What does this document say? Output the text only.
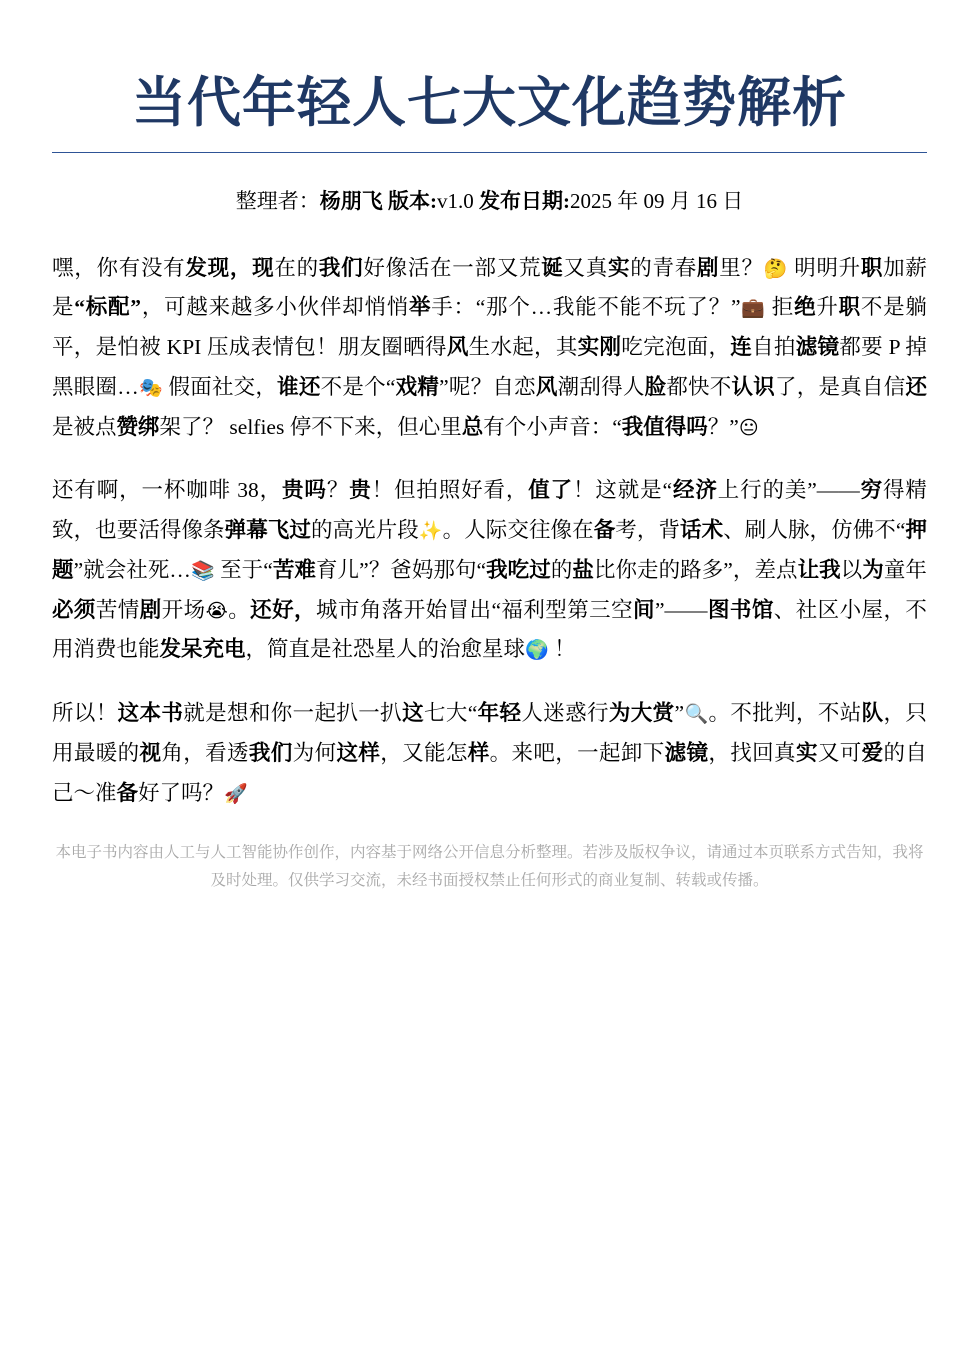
当代年轻人七大文化趋势解析
整理者：杨朋飞 版本:v1.0 发布日期:2025 年 09 月 16 日

嘿，你有没有发现，现在的我们好像活在一部又荒诞又真实的青春剧里？🤔 明明升职加薪是“标配”，可越来越多小伙伴却悄悄举手：“那个…我能不能不玩了？”💼 拒绝升职不是躺平，是怕被 KPI 压成表情包！朋友圈晒得风生水起，其实刚吃完泡面，连自拍滤镜都要 P 掉黑眼圈…🎭 假面社交，谁还不是个“戏精”呢？自恋风潮刮得人脸都快不认识了，是真自信还是被点赞绑架了？ selfies 停不下来，但心里总有个小声音：“我值得吗？”😐

还有啊，一杯咖啡 38，贵吗？贵！但拍照好看，值了！这就是“经济上行的美”——穷得精致，也要活得像条弹幕飞过的高光片段✨。人际交往像在备考，背话术、刷人脉，仿佛不“押题”就会社死…📚 至于“苦难育儿”？爸妈那句“我吃过的盐比你走的路多”，差点让我以为童年必须苦情剧开场😭。还好，城市角落开始冒出“福利型第三空间”——图书馆、社区小屋，不用消费也能发呆充电，简直是社恐星人的治愈星球🌍 ！

所以！这本书就是想和你一起扒一扒这七大“年轻人迷惑行为大赏”🔍。不批判，不站队，只用最暖的视角，看透我们为何这样，又能怎样。来吧，一起卸下滤镜，找回真实又可爱的自己～准备好了吗？🚀

本电子书内容由人工与人工智能协作创作，内容基于网络公开信息分析整理。若涉及版权争议，请通过本页联系方式告知，我将及时处理。仅供学习交流，未经书面授权禁止任何形式的商业复制、转载或传播。
